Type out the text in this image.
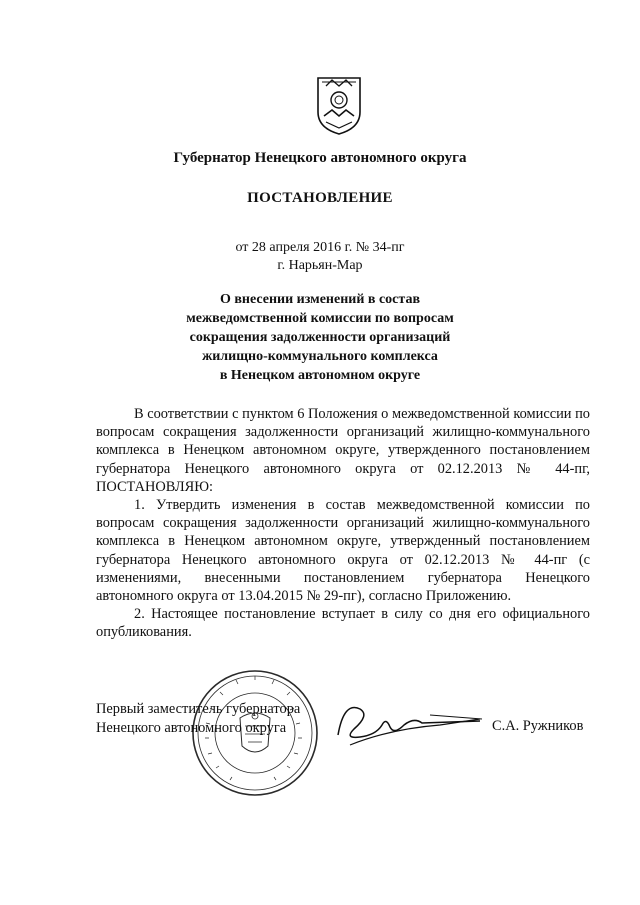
Губернатор Ненецкого автономного округа
ПОСТАНОВЛЕНИЕ
от 28 апреля 2016 г. № 34-пг
г. Нарьян-Мар
О внесении изменений в состав
межведомственной комиссии по вопросам
сокращения задолженности организаций
жилищно-коммунального комплекса
в Ненецком автономном округе

В соответствии с пунктом 6 Положения о межведомственной комиссии по вопросам сокращения задолженности организаций жилищно-коммунального комплекса в Ненецком автономном округе, утвержденного постановлением губернатора Ненецкого автономного округа от 02.12.2013 № 44-пг, ПОСТАНОВЛЯЮ:

1. Утвердить изменения в состав межведомственной комиссии по вопросам сокращения задолженности организаций жилищно-коммунального комплекса в Ненецком автономном округе, утвержденный постановлением губернатора Ненецкого автономного округа от 02.12.2013 № 44-пг (с изменениями, внесенными постановлением губернатора Ненецкого автономного округа от 13.04.2015 № 29-пг), согласно Приложению.

2. Настоящее постановление вступает в силу со дня его официального опубликования.

Первый заместитель губернатора
Ненецкого автономного округа	С.А. Ружников
